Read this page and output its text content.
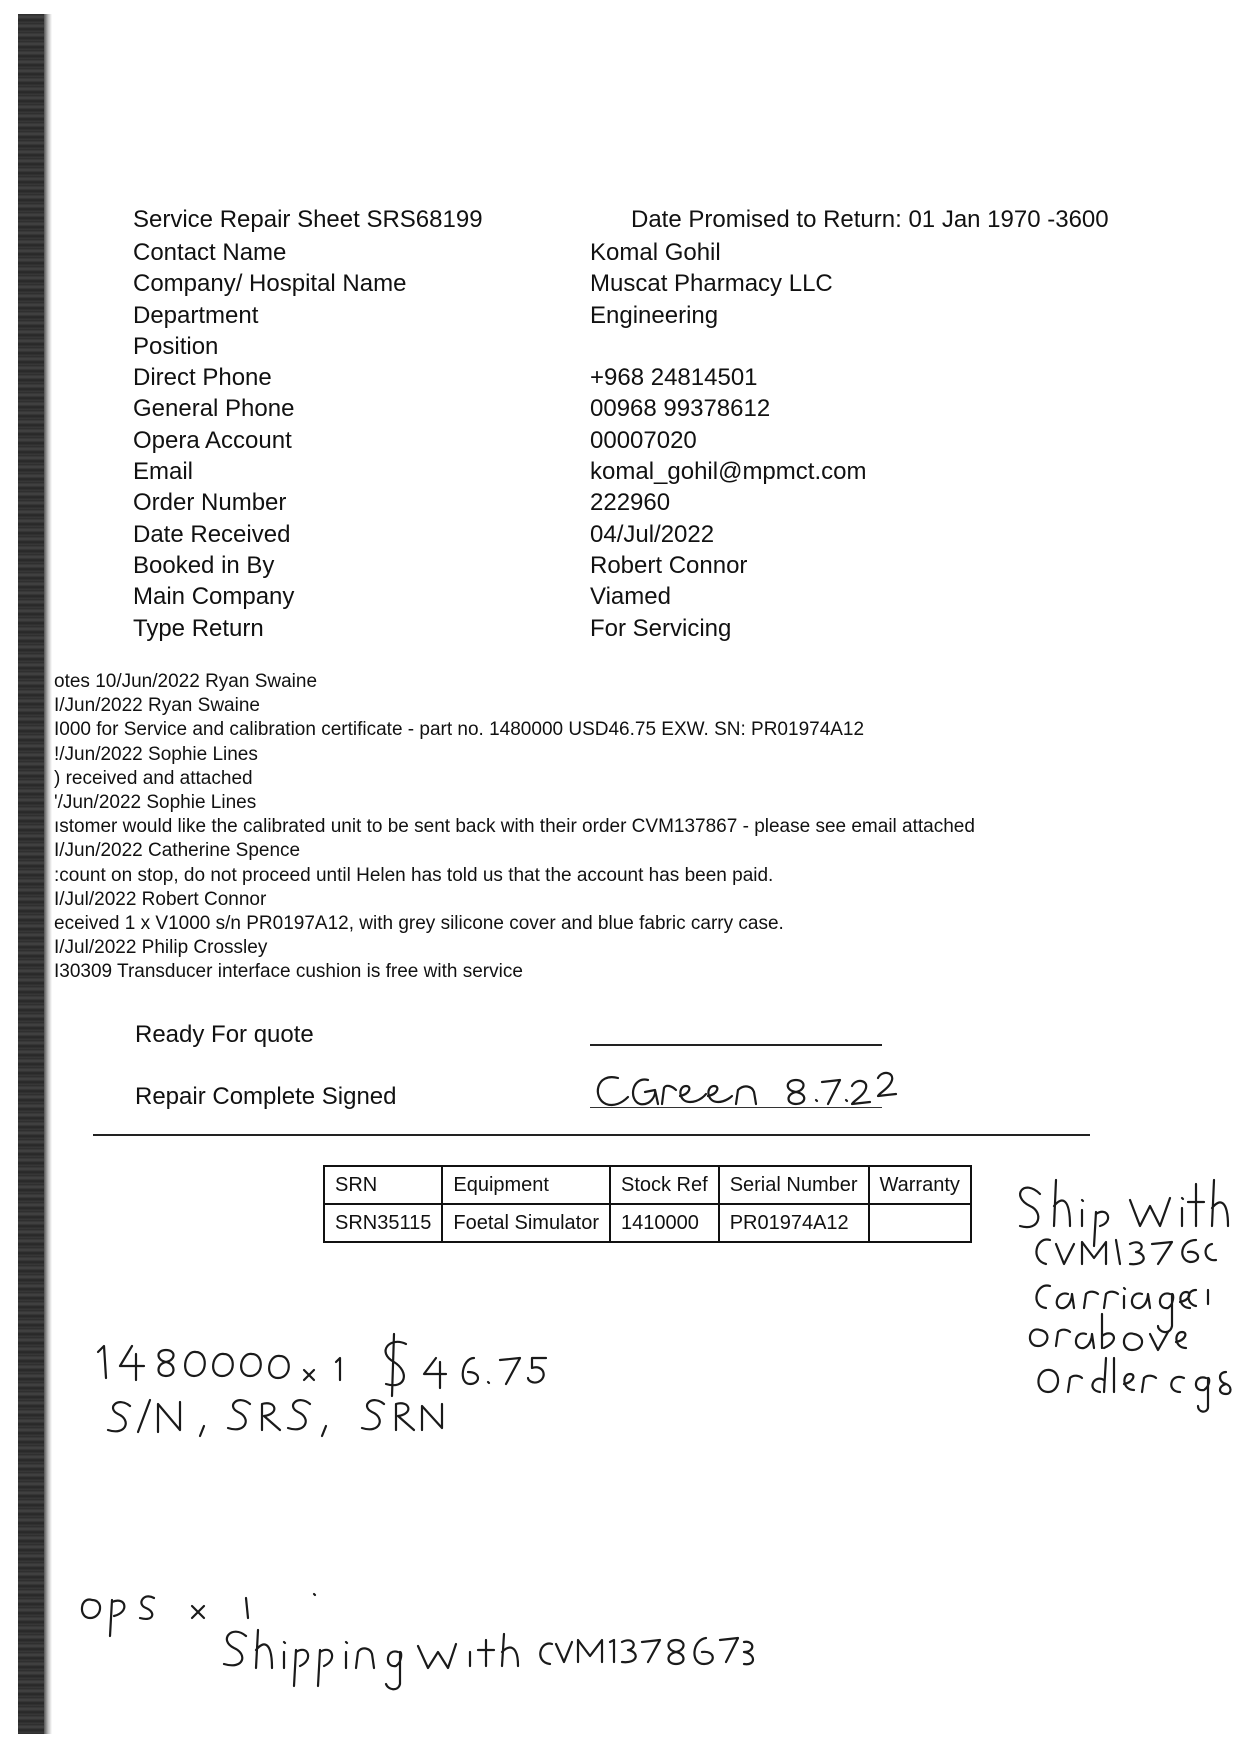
Service Repair Sheet SRS68199	Date Promised to Return: 01 Jan 1970 -3600
Contact Name	Komal Gohil
Company/ Hospital Name	Muscat Pharmacy LLC
Department	Engineering
Position
Direct Phone	+968 24814501
General Phone	00968 99378612
Opera Account	00007020
Email	komal_gohil@mpmct.com
Order Number	222960
Date Received	04/Jul/2022
Booked in By	Robert Connor
Main Company	Viamed
Type Return	For Servicing
otes 10/Jun/2022 Ryan Swaine
I/Jun/2022 Ryan Swaine
I000 for Service and calibration certificate - part no. 1480000 USD46.75 EXW. SN: PR01974A12
!/Jun/2022 Sophie Lines
) received and attached
'/Jun/2022 Sophie Lines
ıstomer would like the calibrated unit to be sent back with their order CVM137867 - please see email attached
I/Jun/2022 Catherine Spence
:count on stop, do not proceed until Helen has told us that the account has been paid.
I/Jul/2022 Robert Connor
eceived 1 x V1000 s/n PR0197A12, with grey silicone cover and blue fabric carry case.
I/Jul/2022 Philip Crossley
I30309 Transducer interface cushion is free with service
Ready For quote
Repair Complete Signed
SRN	Equipment	Stock Ref	Serial Number	Warranty
SRN35115	Foetal Simulator	1410000	PR01974A12	
